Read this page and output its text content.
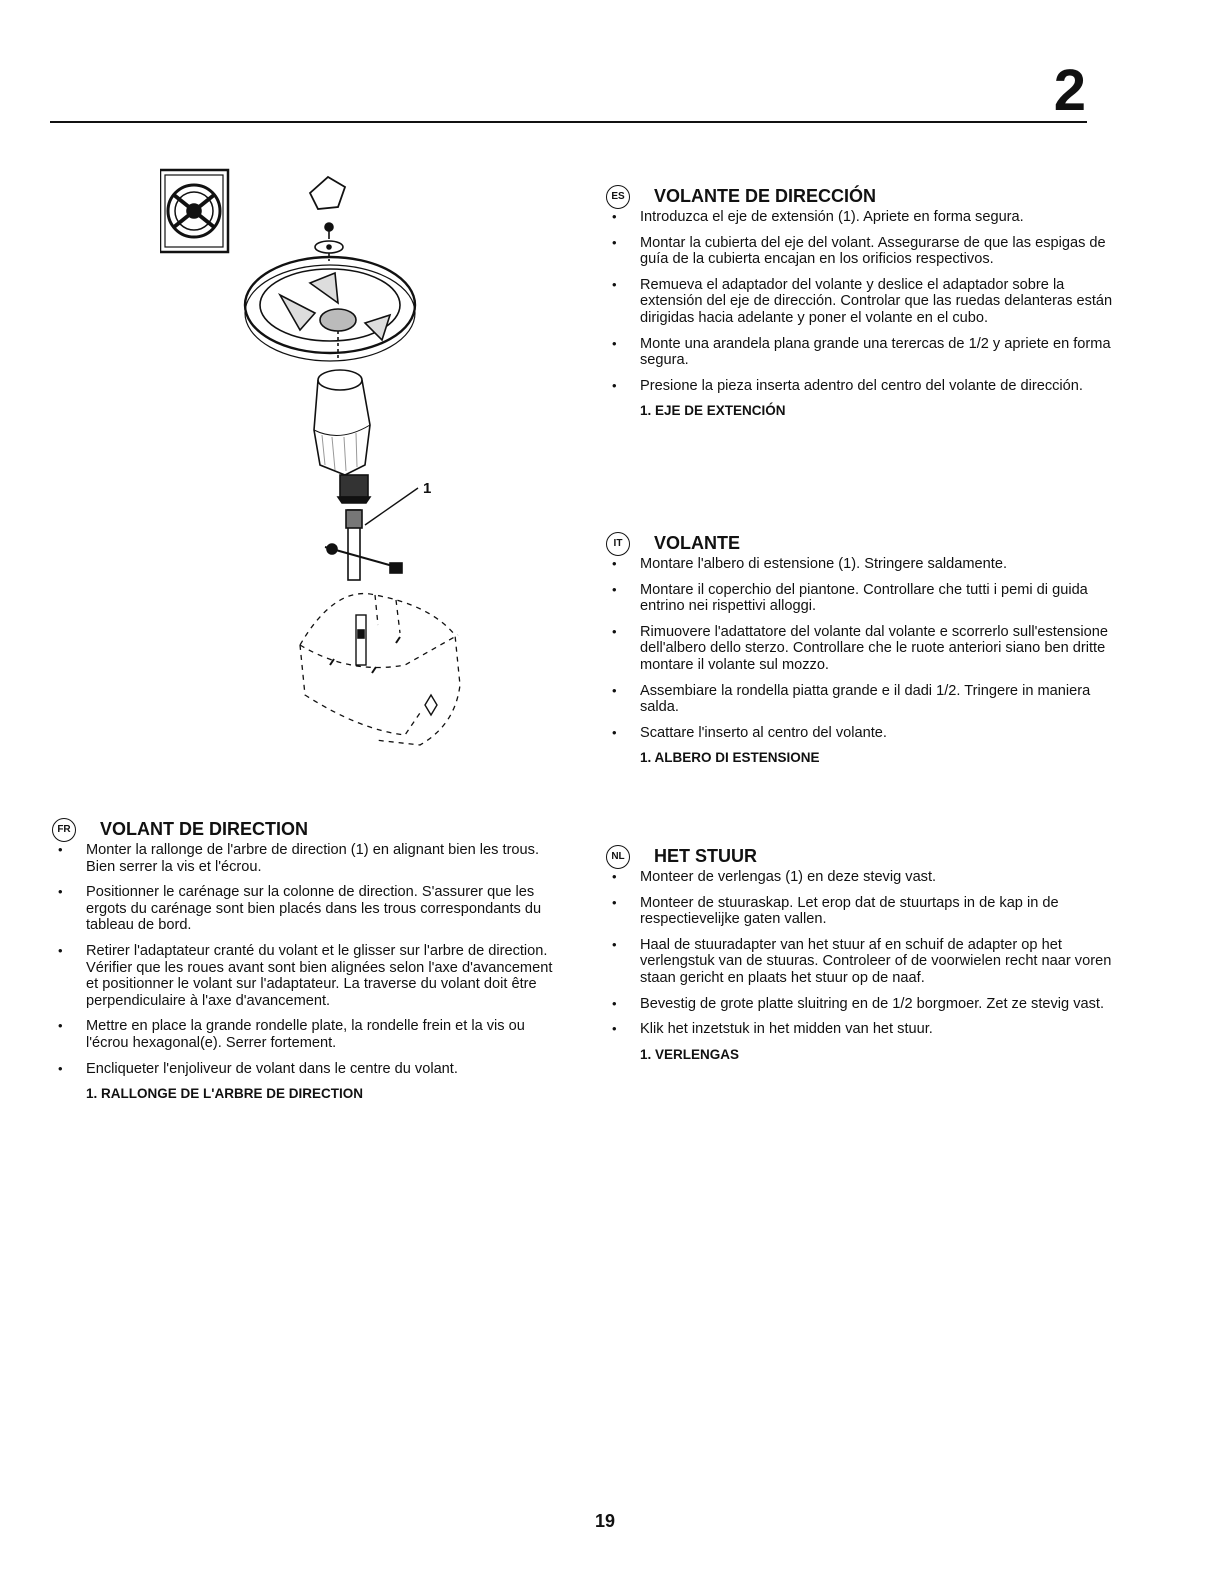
2
1
FR VOLANT DE DIRECTION
• Monter la rallonge de l'arbre de direction (1) en alignant bien les trous. Bien serrer la vis et l'écrou.
• Positionner le carénage sur la colonne de direction. S'assurer que les ergots du carénage sont bien placés dans les trous correspondants du tableau de bord.
• Retirer l'adaptateur cranté du volant et le glisser sur l'arbre de direction. Vérifier que les roues avant sont bien alignées selon l'axe d'avancement et positionner le volant sur l'adaptateur. La traverse du volant doit être perpendiculaire à l'axe d'avancement.
• Mettre en place la grande rondelle plate, la rondelle frein et la vis ou l'écrou hexagonal(e). Serrer fortement.
• Encliqueter l'enjoliveur de volant dans le centre du volant.
1. RALLONGE DE L'ARBRE DE DIRECTION
ES VOLANTE DE DIRECCIÓN
• Introduzca el eje de extensión (1). Apriete en forma segura.
• Montar la cubierta del eje del volant. Assegurarse de que las espigas de guía de la cubierta encajan en los orificios respectivos.
• Remueva el adaptador del volante y deslice el adaptador sobre la extensión del eje de dirección. Controlar que las ruedas delanteras están dirigidas hacia adelante y poner el volante en el cubo.
• Monte una arandela plana grande una terercas de 1/2 y apriete en forma segura.
• Presione la pieza inserta adentro del centro del volante de dirección.
1. EJE DE EXTENCIÓN
IT	VOLANTE
• Montare l'albero di estensione (1). Stringere saldamente.
• Montare il coperchio del piantone. Controllare che tutti i pemi di guida entrino nei rispettivi alloggi.
• Rimuovere l'adattatore del volante dal volante e scorrerlo sull'estensione dell'albero dello sterzo. Controllare che le ruote anteriori siano ben dritte montare il volante sul mozzo.
• Assembiare la rondella piatta grande e il dadi 1/2. Tringere in maniera salda.
• Scattare l'inserto al centro del volante.
1. ALBERO DI ESTENSIONE
NL HET STUUR
• Monteer de verlengas (1) en deze stevig vast.
• Monteer de stuuraskap. Let erop dat de stuurtaps in de kap in de respectievelijke gaten vallen.
• Haal de stuuradapter van het stuur af en schuif de adapter op het verlengstuk van de stuuras. Controleer of de voorwielen recht naar voren staan gericht en plaats het stuur op de naaf.
• Bevestig de grote platte sluitring en de 1/2 borgmoer. Zet ze stevig vast.
• Klik het inzetstuk in het midden van het stuur.
1. VERLENGAS
19
